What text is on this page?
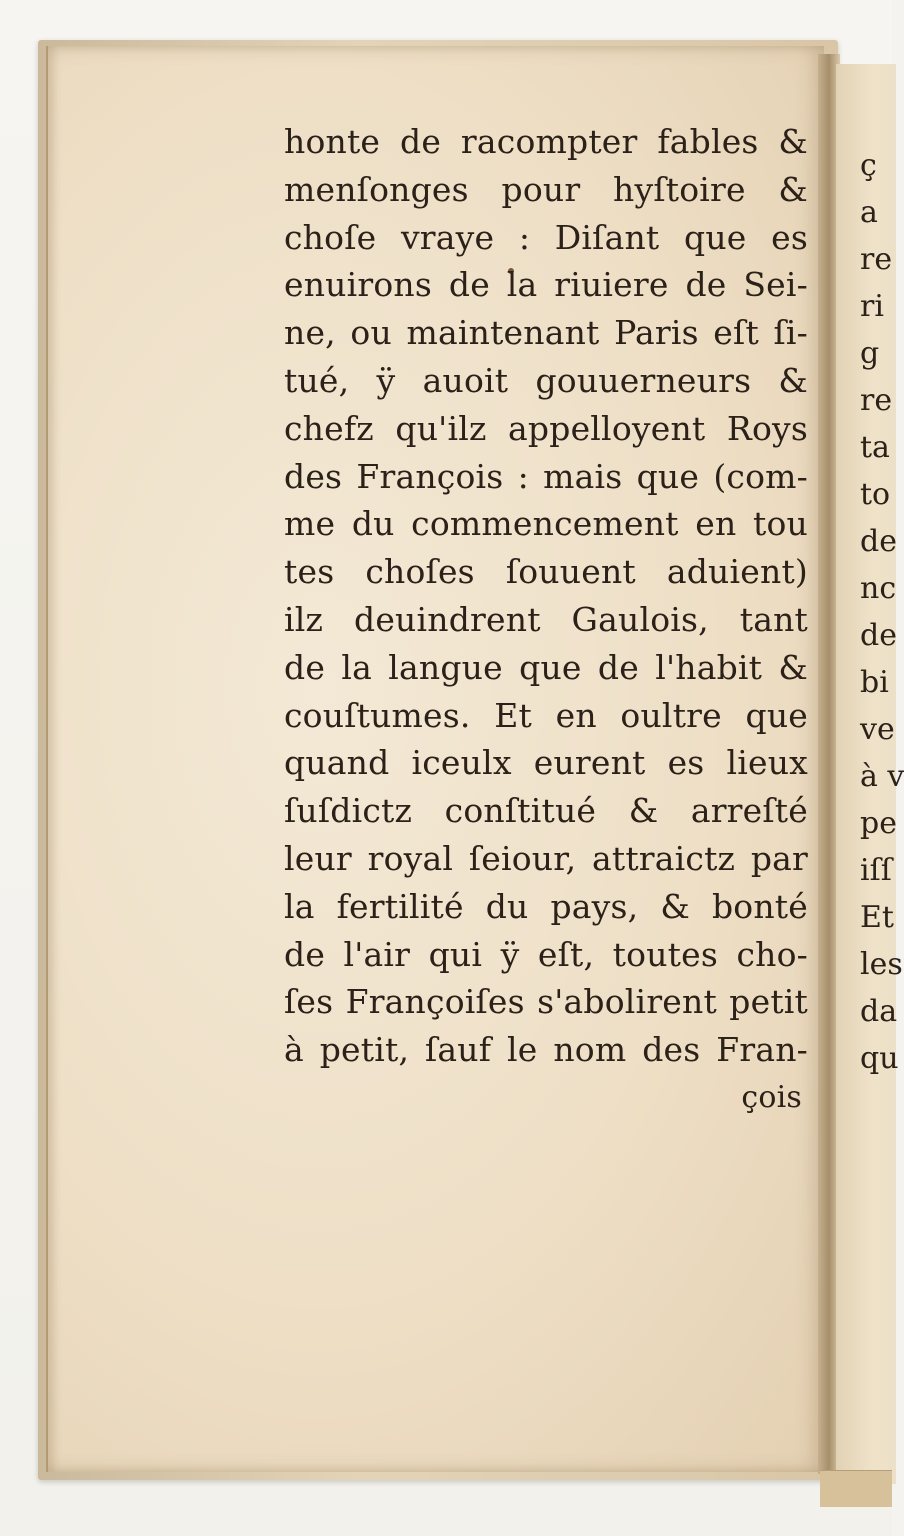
honte de racompter fables &
menſonges pour hyſtoire &
choſe vraye : Diſant que es
enuirons de la riuiere de Sei-
ne, ou maintenant Paris eſt ſi-
tué, ÿ auoit gouuerneurs &
chefz qu'ilz appelloyent Roys
des François : mais que (com-
me du commencement en tou
tes choſes ſouuent aduient)
ilz deuindrent Gaulois, tant
de la langue que de l'habit &
couſtumes. Et en oultre que
quand iceulx eurent es lieux
ſuſdictz conſtitué & arreſté
leur royal ſeiour, attraictz par
la fertilité du pays, & bonté
de l'air qui ÿ eſt, toutes cho-
ſes Françoiſes s'abolirent petit
à petit, ſauf le nom des Fran-
çois
ç
a
re
ri
g
re
ta
to
de
nc
de
bi
ve
à v
pe
iſſ
Et
les
da
qu
